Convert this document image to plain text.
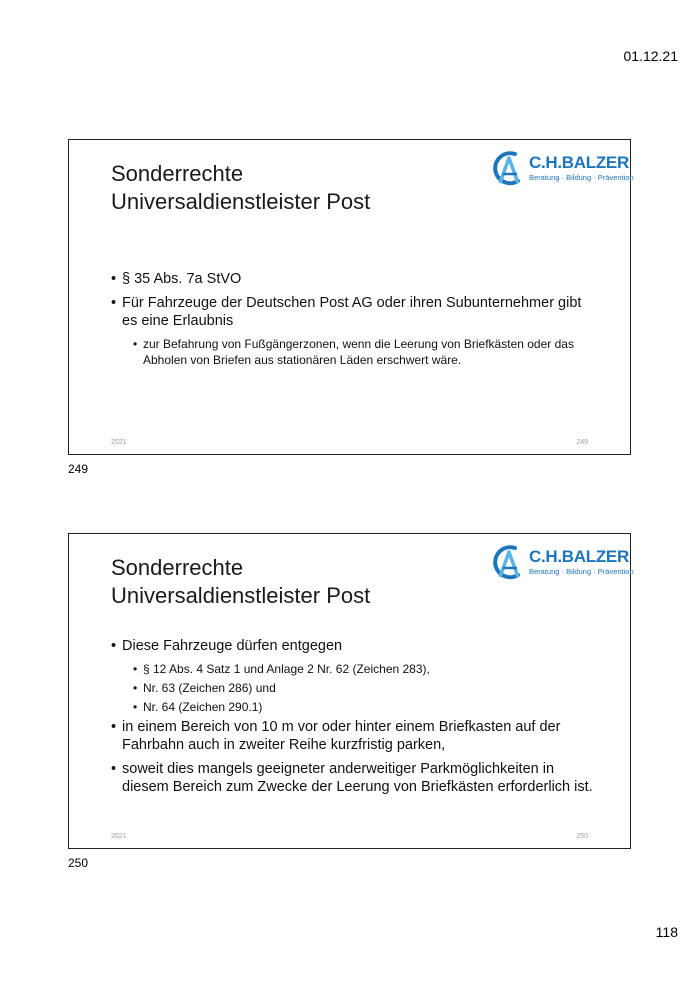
01.12.21
Sonderrechte
Universaldienstleister Post
C.H.BALZER
Beratung · Bildung · Prävention
• § 35 Abs. 7a StVO
• Für Fahrzeuge der Deutschen Post AG oder ihren Subunternehmer gibt es eine Erlaubnis
• zur Befahrung von Fußgängerzonen, wenn die Leerung von Briefkästen oder das Abholen von Briefen aus stationären Läden erschwert wäre.
2021	249
249
Sonderrechte
Universaldienstleister Post
C.H.BALZER
Beratung · Bildung · Prävention
• Diese Fahrzeuge dürfen entgegen
• § 12 Abs. 4 Satz 1 und Anlage 2 Nr. 62 (Zeichen 283),
• Nr. 63 (Zeichen 286) und
• Nr. 64 (Zeichen 290.1)
• in einem Bereich von 10 m vor oder hinter einem Briefkasten auf der Fahrbahn auch in zweiter Reihe kurzfristig parken,
• soweit dies mangels geeigneter anderweitiger Parkmöglichkeiten in diesem Bereich zum Zwecke der Leerung von Briefkästen erforderlich ist.
2021	250
250
118
